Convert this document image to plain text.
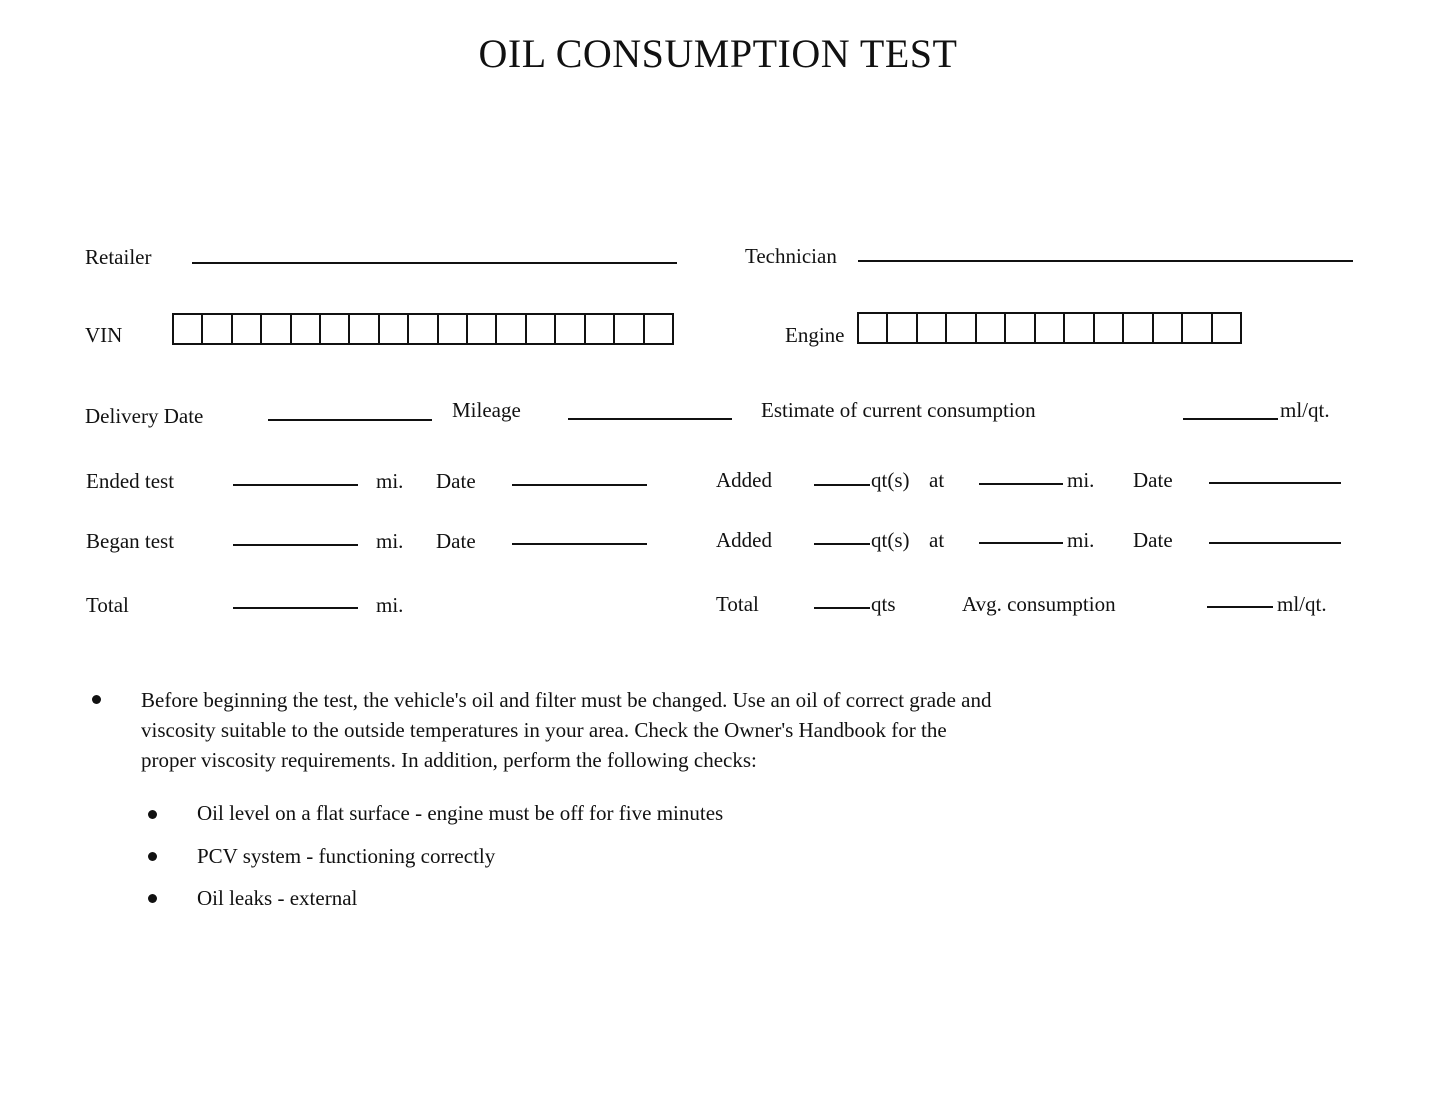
OIL CONSUMPTION TEST
Retailer	Technician
VIN	Engine
Delivery Date	Mileage	Estimate of current consumption	ml/qt.
Ended test	mi. Date	Added	qt(s) at	mi. Date
Began test	mi. Date	Added	qt(s) at	mi. Date
Total	mi.	Total	qts	Avg. consumption	ml/qt.
Before beginning the test, the vehicle's oil and filter must be changed. Use an oil of correct grade and
viscosity suitable to the outside temperatures in your area. Check the Owner's Handbook for the
proper viscosity requirements. In addition, perform the following checks:
Oil level on a flat surface - engine must be off for five minutes
PCV system - functioning correctly
Oil leaks - external
